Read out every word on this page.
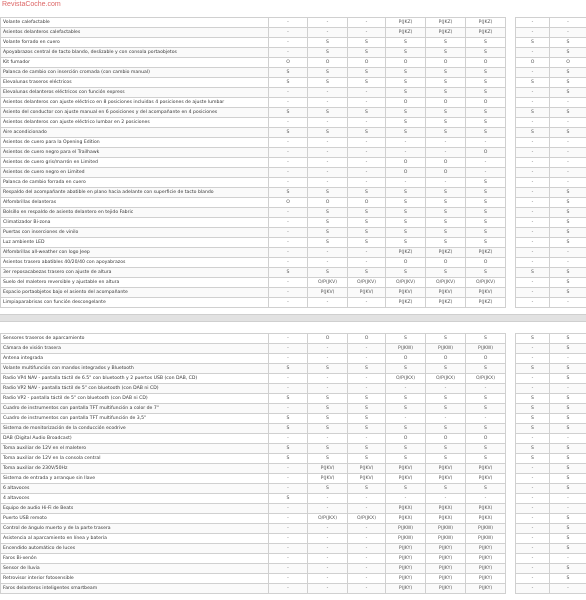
RevistaCoche.com
Volante calefactable	-	-	-	P(JKZ)	P(JKZ)	P(JKZ)		-	-	
Asientos delanteros calefactables	-	-	-	P(JKZ)	P(JKZ)	P(JKZ)		-	-	
Volante forrado en cuero	-	S	S	S	S	S		S	S	
Apoyabrazos central de tacto blando, deslizable y con consola portaobjetos	-	S	S	S	S	S		-	S	
Kit fumador	O	O	O	O	O	O		O	O	
Palanca de cambio con inserción cromada (con cambio manual)	S	S	S	S	S	S		-	S	
Elevalunas traseros eléctricos	S	S	S	S	S	S		S	S	
Elevalunas delanteros eléctricos con función express	-	-	-	S	S	S		-	S	
Asientos delanteros con ajuste eléctrico en 8 posiciones incluidas 4 posiciones de ajuste lumbar	-	-	-	O	O	O		-	-	
Asiento del conductor con ajuste manual en 6 posiciones y del acompañante en 4 posiciones	S	S	S	S	S	S		S	S	
Asientos delanteros con ajuste eléctrico lumbar en 2 posiciones	-	-	-	S	S	S		-	-	
Aire acondicionado	S	S	S	S	S	S		S	S	
Asientos de cuero para la Opening Edition	-	-	-	-	-	-		-	-	
Asientos de cuero negro para el Trailhawk	-	-	-	-	-	O		-	-	
Asientos de cuero gris/marrón en Limited	-	-	-	O	O	-		-	-	
Asientos de cuero negro en Limited	-	-	-	O	O	-		-	-	
Palanca de cambio forrada en cuero	-	-	-	-	-	S		-	-	
Respaldo del acompañante abatible en plano hacia adelante con superficie de tacto blando	S	S	S	S	S	S		-	S	
Alfombrillas delanteras	O	O	O	S	S	S		-	S	
Bolsillo en respaldo de asiento delantero en tejido Fabric	-	S	S	S	S	S		-	S	
Climatizador Bi-zona	-	S	S	S	S	S		-	S	
Puertas con inserciones de vinilo	-	S	S	S	S	S		-	S	
Luz ambiente LED	-	S	S	S	S	S		-	S	
Alfombrillas all-weather con logo Jeep	-	-	-	P(JKZ)	P(JKZ)	P(JKZ)		-	-	
Asientos trasero abatibles 40/20/40 con apoyabrazos	-	-	-	O	O	O		-	-	
3er reposacabezas trasero con ajuste de altura	S	S	S	S	S	S		S	S	
Suelo del maletero reversible y ajustable en altura	-	O/P(JKV)	O/P(JKV)	O/P(JKV)	O/P(JKV)	O/P(JKV)		-	S	
Espacio portaobjetos bajo el asiento del acompañante	-	P(JKV)	P(JKV)	P(JKV)	P(JKV)	P(JKV)		-	S	
Limpiaparabrisas con función descongelante	-	-	-	P(JKZ)	P(JKZ)	P(JKZ)		-	-	
Sensores traseros de aparcamiento	-	O	O	S	S	S		S	S	
Cámara de visión trasera	-	-	-	P(JKW)	P(JKW)	P(JKW)		-	S	
Antena integrada	-	-	-	O	O	O		-	-	
Volante multifunción con mandos integrados y Bluetooth	S	S	S	S	S	S		S	S	
Radio VP4 NAV - pantalla táctil de 6.5" con bluetooth y 2 puertos USB (con DAB, CD)	-	-	-	O/P(JKX)	O/P(JKX)	O/P(JKX)		-	S	
Radio VP2 NAV - pantalla táctil de 5" con bluetooth (con DAB ni CD)	-	-	-	-	-	-		-	-	
Radio VP2 - pantalla táctil de 5" con bluetooth (con DAB ni CD)	S	S	S	S	S	S		S	S	
Cuadro de instrumentos con pantalla TFT multifunción a color de 7"	-	S	S	S	S	S		S	S	
Cuadro de instrumentos con pantalla TFT multifunción de 3,5"	S	S	S	-	-	-		S	S	
Sistema de monitorización de la conducción ecodrive	S	S	S	S	S	S		S	S	
DAB (Digital Audio Broadcast)	-	-	-	O	O	O		-	-	
Toma auxiliar de 12V en el maletero	S	S	S	S	S	S		S	S	
Toma auxiliar de 12V en la consola central	S	S	S	S	S	S		S	S	
Toma auxiliar de 230V/50Hz	-	P(JKV)	P(JKV)	P(JKV)	P(JKV)	P(JKV)		-	S	
Sistema de entrada y arranque sin llave	-	P(JKV)	P(JKV)	P(JKV)	P(JKV)	P(JKV)		-	S	
6 altavoces	-	S	S	S	S	S		-	S	
4 altavoces	S	-	-	-	-	-		-	-	
Equipo de audio Hi-Fi de Beats	-	-	-	P(JKX)	P(JKX)	P(JKX)		-	-	
Puerto USB remoto	-	O/P(JKX)	O/P(JKX)	P(JKX)	P(JKX)	P(JKX)		-	S	
Control de ángulo muerto y de la parte trasera	-	-	-	P(JKW)	P(JKW)	P(JKW)		-	S	
Asistencia al aparcamiento en línea y batería	-	-	-	P(JKW)	P(JKW)	P(JKW)		-	S	
Encendido automático de luces	-	-	-	P(JKY)	P(JKY)	P(JKY)		-	S	
Faros Bi-xenón	-	-	-	P(JKY)	P(JKY)	P(JKY)		-	-	
Sensor de lluvia	-	-	-	P(JKY)	P(JKY)	P(JKY)		-	S	
Retrovisor interior fotosensible	-	-	-	P(JKY)	P(JKY)	P(JKY)		-	S	
Faros delanteros inteligentes smartbeam	-	-	-	P(JKY)	P(JKY)	P(JKY)		-	-	
